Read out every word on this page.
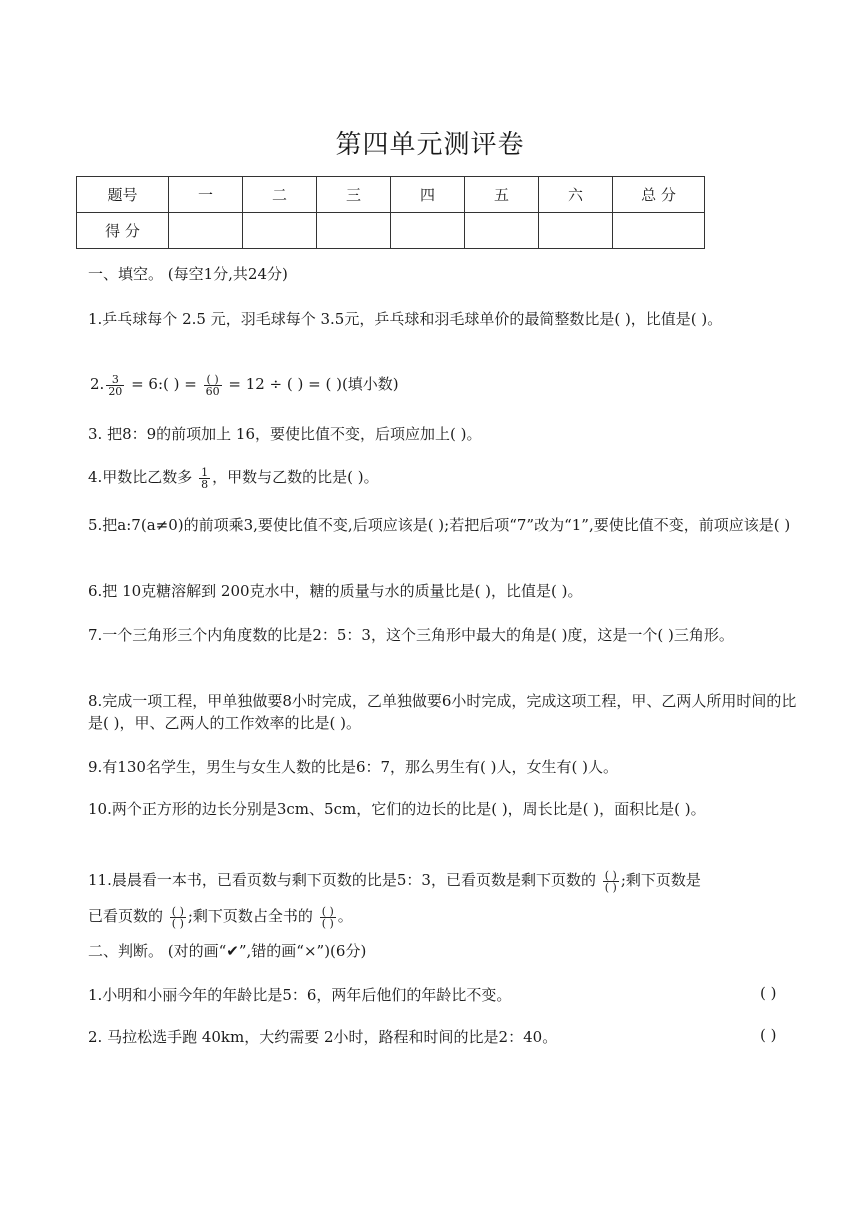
第四单元测评卷
题号	一	二	三	四	五	六	总 分
得 分							
一、填空。 (每空1分,共24分)
1.乒乓球每个 2.5 元，羽毛球每个 3.5元，乒乓球和羽毛球单价的最简整数比是( )，比值是( )。
2. $\frac{3}{20}$ = 6:( ) = $\frac{( )}{60} = 12$ ÷ ( ) = ( )(填小数)
3. 把8：9的前项加上 16，要使比值不变，后项应加上( )。
4.甲数比乙数多 $\frac{1}{8}$ ，甲数与乙数的比是( )。
5.把a:7(a≠0)的前项乘3,要使比值不变,后项应该是( );若把后项“7”改为“1”,要使比值不变，前项应该是( )
6.把 10克糖溶解到 200克水中，糖的质量与水的质量比是( )，比值是( )。
7.一个三角形三个内角度数的比是2：5：3，这个三角形中最大的角是( )度，这是一个( )三角形。
8.完成一项工程，甲单独做要8小时完成，乙单独做要6小时完成，完成这项工程，甲、乙两人所用时间的比是( )，甲、乙两人的工作效率的比是( )。
9.有130名学生，男生与女生人数的比是6：7，那么男生有( )人，女生有( )人。
10.两个正方形的边长分别是3cm、5cm，它们的边长的比是( )，周长比是( )，面积比是( )。
11.晨晨看一本书，已看页数与剩下页数的比是5：3，已看页数是剩下页数的 $\frac{( )}{( )}$ ;剩下页数是
已看页数的 $\frac{( )}{( )}$ ;剩下页数占全书的 $\frac{( )}{( )}$ 。
二、判断。 (对的画“✔”,错的画“×”)(6分)
1.小明和小丽今年的年龄比是5：6，两年后他们的年龄比不变。	( )
2. 马拉松选手跑 40km，大约需要 2小时，路程和时间的比是2：40。	( )
